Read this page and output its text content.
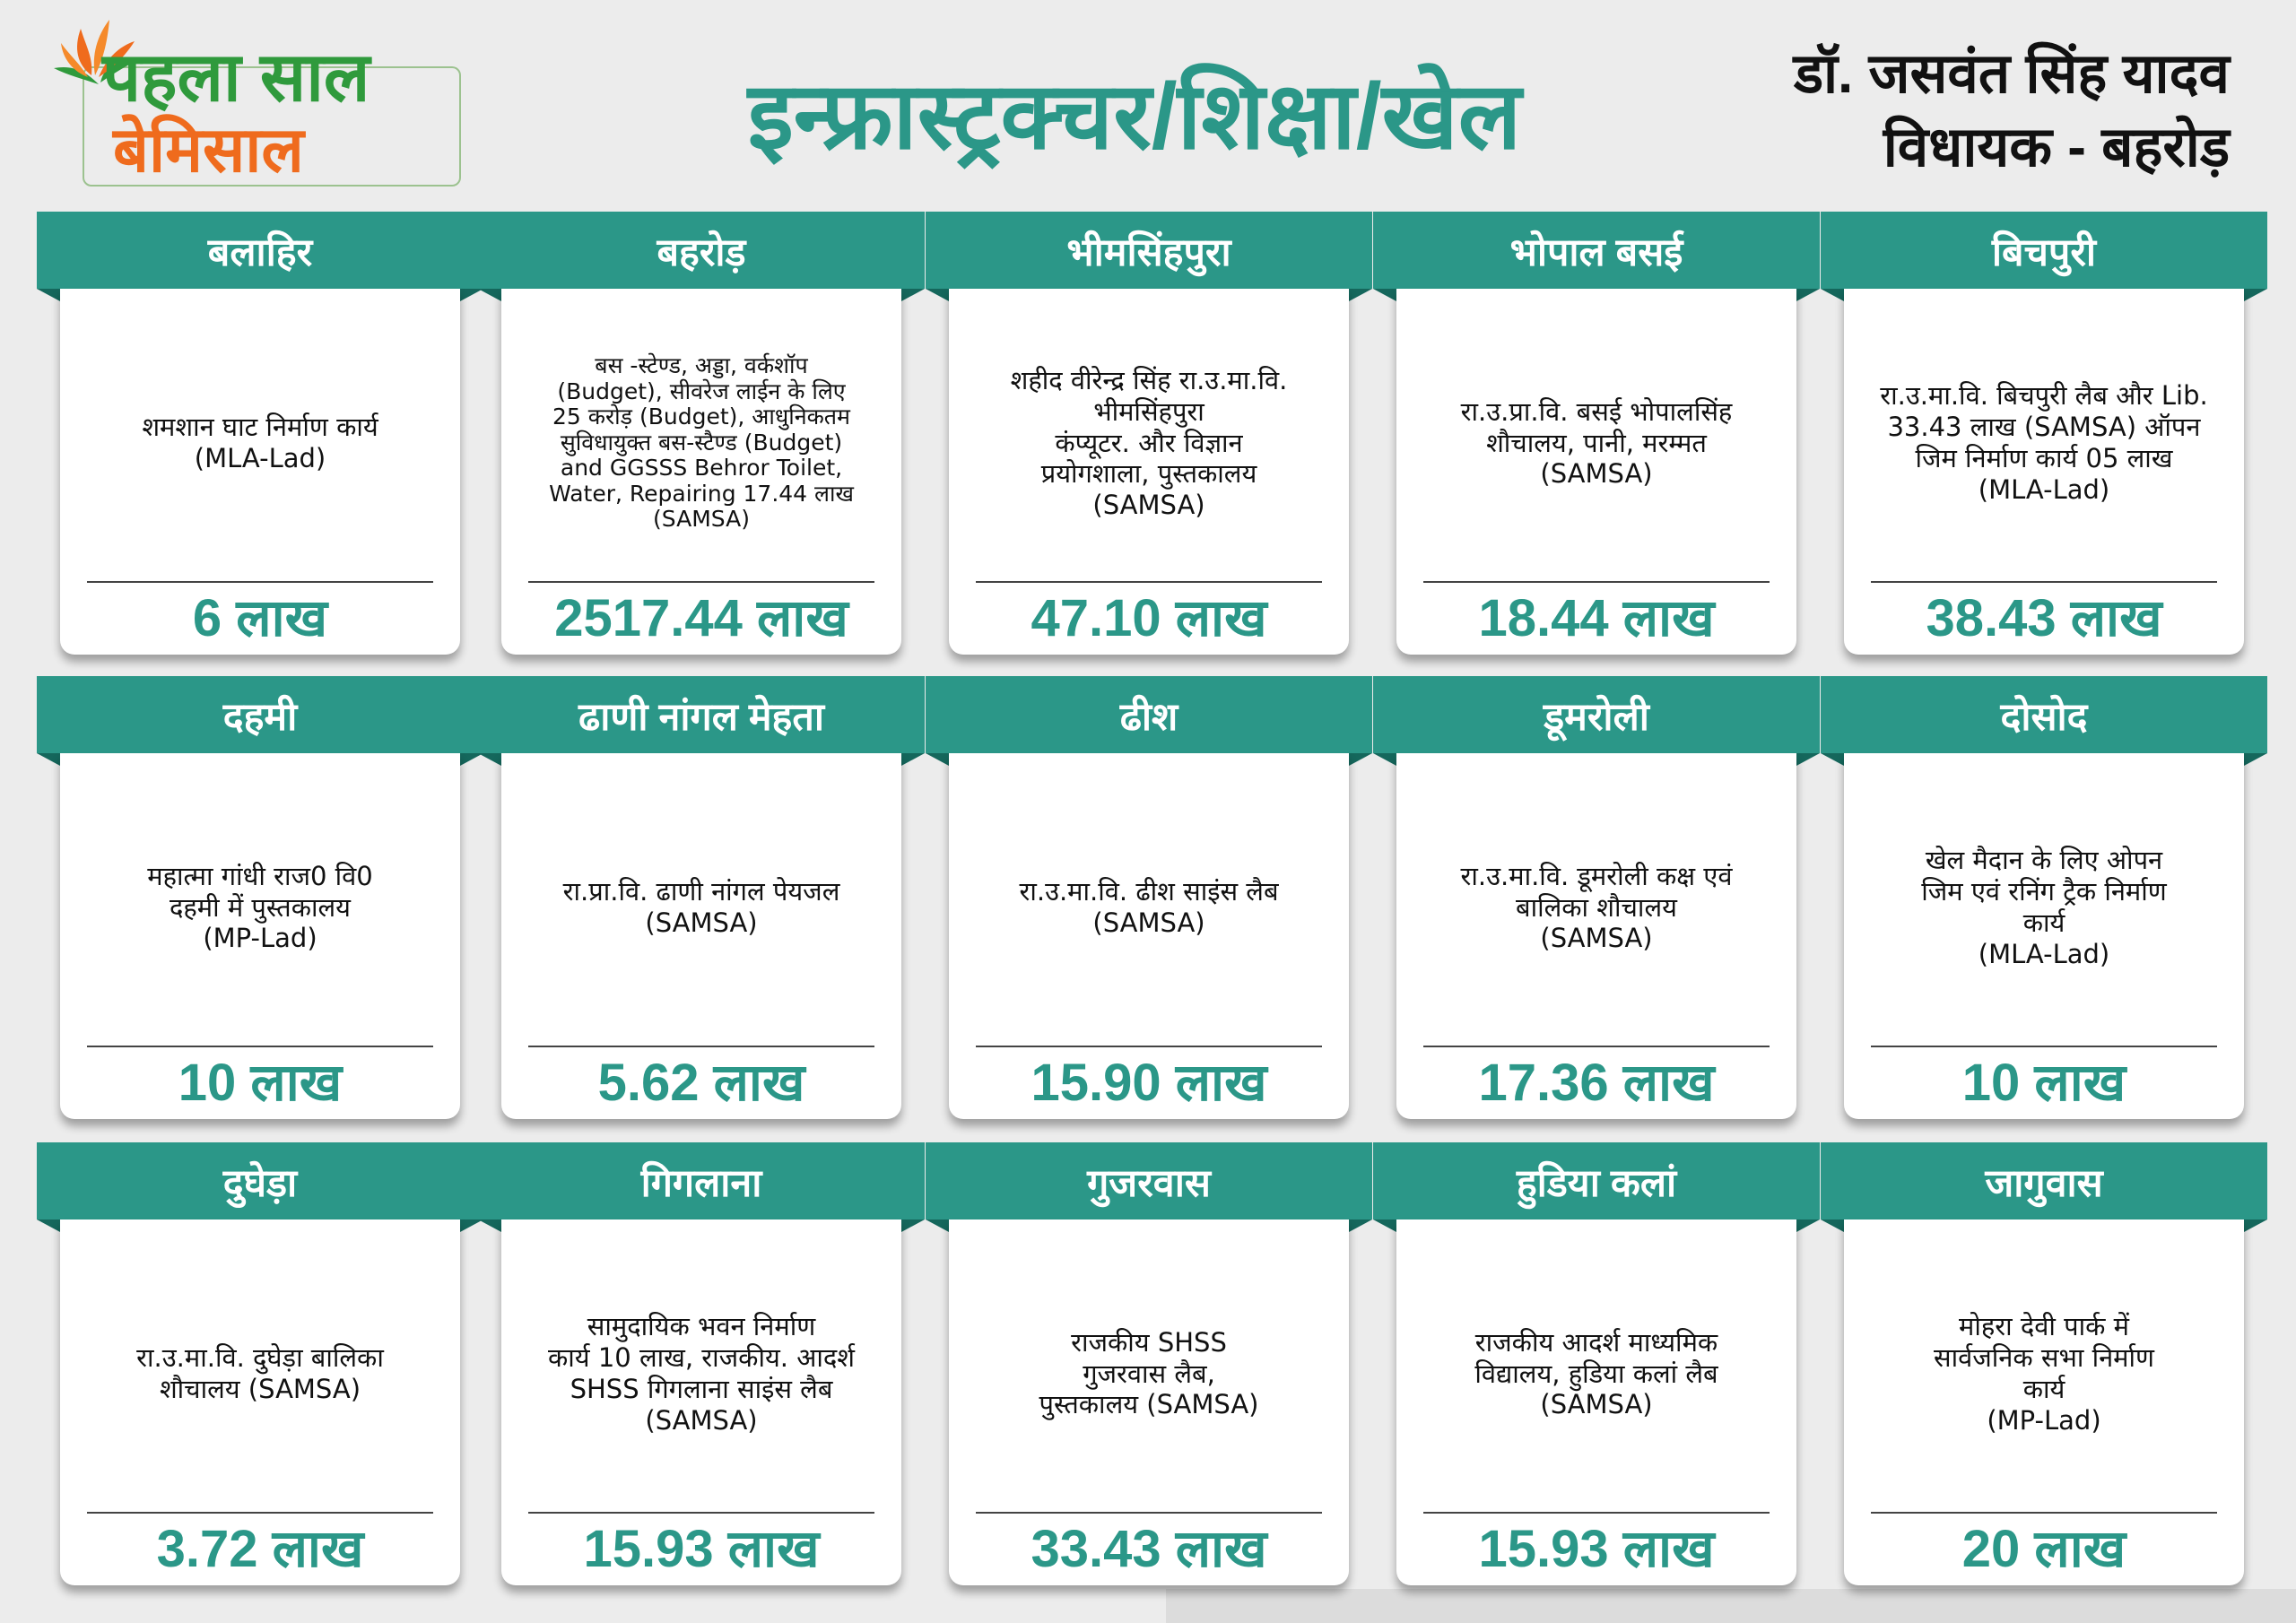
पहला साल

बेमिसाल	इन्फ्रास्ट्रक्चर/शिक्षा/खेल	डॉ. जसवंत सिंह यादव

विधायक - बहरोड़

बलाहिर
शमशान घाट निर्माण कार्य
(MLA-Lad)
6 लाख
बहरोड़
बस -स्टेण्ड, अड्डा, वर्कशॉप
(Budget), सीवरेज लाईन के लिए
25 करोड़ (Budget), आधुनिकतम
सुविधायुक्त बस-स्टैण्ड (Budget)
and GGSSS Behror Toilet,
Water, Repairing 17.44 लाख
(SAMSA)
2517.44 लाख
भीमसिंहपुरा
शहीद वीरेन्द्र सिंह रा.उ.मा.वि.
भीमसिंहपुरा
कंप्यूटर. और विज्ञान
प्रयोगशाला, पुस्तकालय
(SAMSA)
47.10 लाख
भोपाल बसई
रा.उ.प्रा.वि. बसई भोपालसिंह
शौचालय, पानी, मरम्मत
(SAMSA)
18.44 लाख
बिचपुरी
रा.उ.मा.वि. बिचपुरी लैब और Lib.
33.43 लाख (SAMSA) ऑपन
जिम निर्माण कार्य 05 लाख
(MLA-Lad)
38.43 लाख
दहमी
महात्मा गांधी राज0 वि0
दहमी में पुस्तकालय
(MP-Lad)
10 लाख
ढाणी नांगल मेहता
रा.प्रा.वि. ढाणी नांगल पेयजल
(SAMSA)
5.62 लाख
ढीश
रा.उ.मा.वि. ढीश साइंस लैब
(SAMSA)
15.90 लाख
डूमरोली
रा.उ.मा.वि. डूमरोली कक्ष एवं
बालिका शौचालय
(SAMSA)
17.36 लाख
दोसोद
खेल मैदान के लिए ओपन
जिम एवं रनिंग ट्रैक निर्माण
कार्य
(MLA-Lad)
10 लाख
दुघेड़ा
रा.उ.मा.वि. दुघेड़ा बालिका
शौचालय (SAMSA)
3.72 लाख
गिगलाना
सामुदायिक भवन निर्माण
कार्य 10 लाख, राजकीय. आदर्श
SHSS गिगलाना साइंस लैब
(SAMSA)
15.93 लाख
गुजरवास
राजकीय SHSS
गुजरवास लैब,
पुस्तकालय (SAMSA)
33.43 लाख
हुडिया कलां
राजकीय आदर्श माध्यमिक
विद्यालय, हुडिया कलां लैब
(SAMSA)
15.93 लाख
जागुवास
मोहरा देवी पार्क में
सार्वजनिक सभा निर्माण
कार्य
(MP-Lad)
20 लाख
